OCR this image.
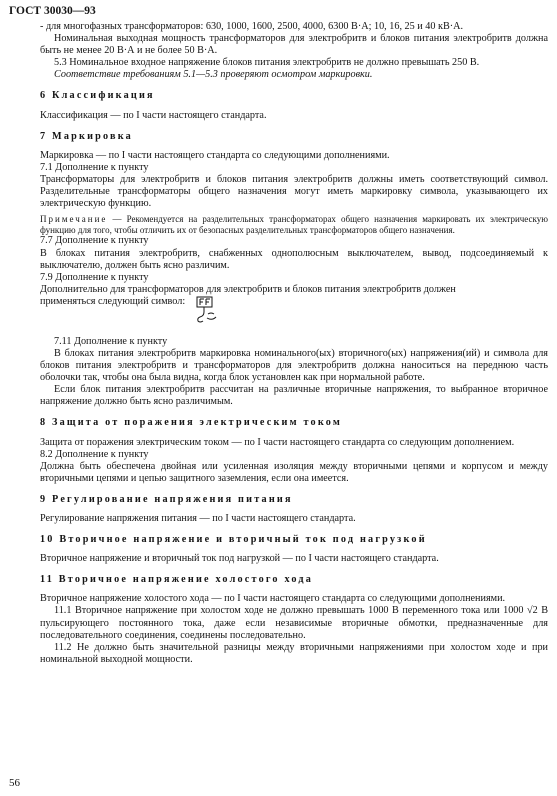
ГОСТ 30030—93

- для многофазных трансформаторов: 630, 1000, 1600, 2500, 4000, 6300 В·А; 10, 16, 25 и 40 кВ·А.

Номинальная выходная мощность трансформаторов для электробритв и блоков питания электробритв должна быть не менее 20 В·А и не более 50 В·А.

5.3 Номинальное входное напряжение блоков питания электробритв не должно превышать 250 В.

Соответствие требованиям 5.1—5.3 проверяют осмотром маркировки.

6 Классификация

Классификация — по I части настоящего стандарта.

7 Маркировка

Маркировка — по I части настоящего стандарта со следующими дополнениями.

7.1 Дополнение к пункту

Трансформаторы для электробритв и блоков питания электробритв должны иметь соответствующий символ. Разделительные трансформаторы общего назначения могут иметь маркировку символа, указывающего их электрическую функцию.

Примечание — Рекомендуется на разделительных трансформаторах общего назначения маркировать их электрическую функцию для того, чтобы отличить их от безопасных разделительных трансформаторов общего назначения.

7.7 Дополнение к пункту

В блоках питания электробритв, снабженных однополюсным выключателем, вывод, подсоединяемый к выключателю, должен быть ясно различим.

7.9 Дополнение к пункту

Дополнительно для трансформаторов для электробритв и блоков питания электробритв должен

применяться следующий символ:

7.11 Дополнение к пункту

В блоках питания электробритв маркировка номинального(ых) вторичного(ых) напряжения(ий) и символа для блоков питания электробритв и трансформаторов для электробритв должна наноситься на переднюю часть оболочки так, чтобы она была видна, когда блок установлен как при нормальной работе.

Если блок питания электробритв рассчитан на различные вторичные напряжения, то выбранное вторичное напряжение должно быть ясно различимым.

8 Защита от поражения электрическим током

Защита от поражения электрическим током — по I части настоящего стандарта со следующим дополнением.

8.2 Дополнение к пункту

Должна быть обеспечена двойная или усиленная изоляция между вторичными цепями и корпусом и между вторичными цепями и цепью защитного заземления, если она имеется.

9 Регулирование напряжения питания

Регулирование напряжения питания — по I части настоящего стандарта.

10 Вторичное напряжение и вторичный ток под нагрузкой

Вторичное напряжение и вторичный ток под нагрузкой — по I части настоящего стандарта.

11 Вторичное напряжение холостого хода

Вторичное напряжение холостого хода — по I части настоящего стандарта со следующими дополнениями.

11.1 Вторичное напряжение при холостом ходе не должно превышать 1000 В переменного тока или 1000 √2 В пульсирующего постоянного тока, даже если независимые вторичные обмотки, предназначенные для последовательного соединения, соединены последовательно.

11.2 Не должно быть значительной разницы между вторичными напряжениями при холостом ходе и при номинальной выходной мощности.

56
